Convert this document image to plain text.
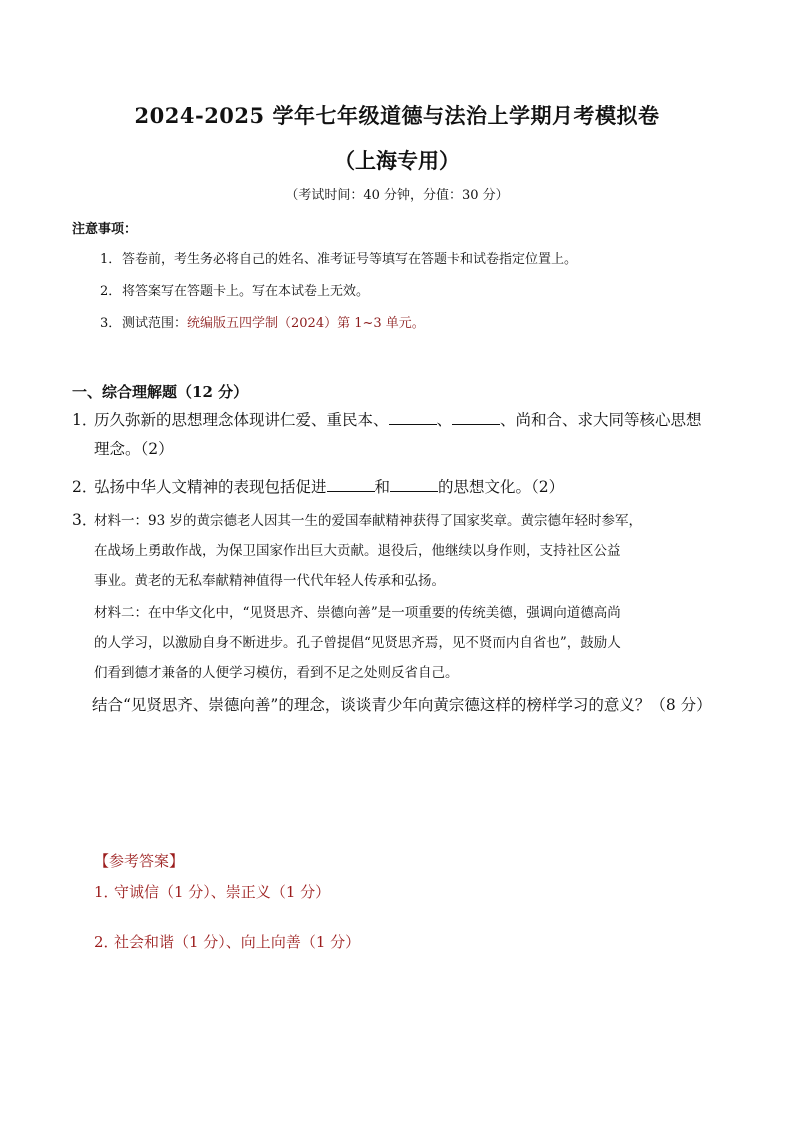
2024-2025 学年七年级道德与法治上学期月考模拟卷
（上海专用）
（考试时间：40 分钟，分值：30 分）
注意事项：
1．答卷前，考生务必将自己的姓名、准考证号等填写在答题卡和试卷指定位置上。
2．将答案写在答题卡上。写在本试卷上无效。
3．测试范围：统编版五四学制（2024）第 1~3 单元。
一、综合理解题（12 分）
1．历久弥新的思想理念体现讲仁爱、重民本、	、	、尚和合、求大同等核心思想
理念。（2）
2．弘扬中华人文精神的表现包括促进	和	的思想文化。（2）
3．
材料一：93 岁的黄宗德老人因其一生的爱国奉献精神获得了国家奖章。黄宗德年轻时参军，
在战场上勇敢作战，为保卫国家作出巨大贡献。退役后，他继续以身作则，支持社区公益
事业。黄老的无私奉献精神值得一代代年轻人传承和弘扬。
材料二：在中华文化中，“见贤思齐、崇德向善”是一项重要的传统美德，强调向道德高尚
的人学习，以激励自身不断进步。孔子曾提倡“见贤思齐焉，见不贤而内自省也”，鼓励人
们看到德才兼备的人便学习模仿，看到不足之处则反省自己。
结合“见贤思齐、崇德向善”的理念，谈谈青少年向黄宗德这样的榜样学习的意义？（8 分）
【参考答案】
1．守诚信（1 分）、崇正义（1 分）
2．社会和谐（1 分）、向上向善（1 分）
